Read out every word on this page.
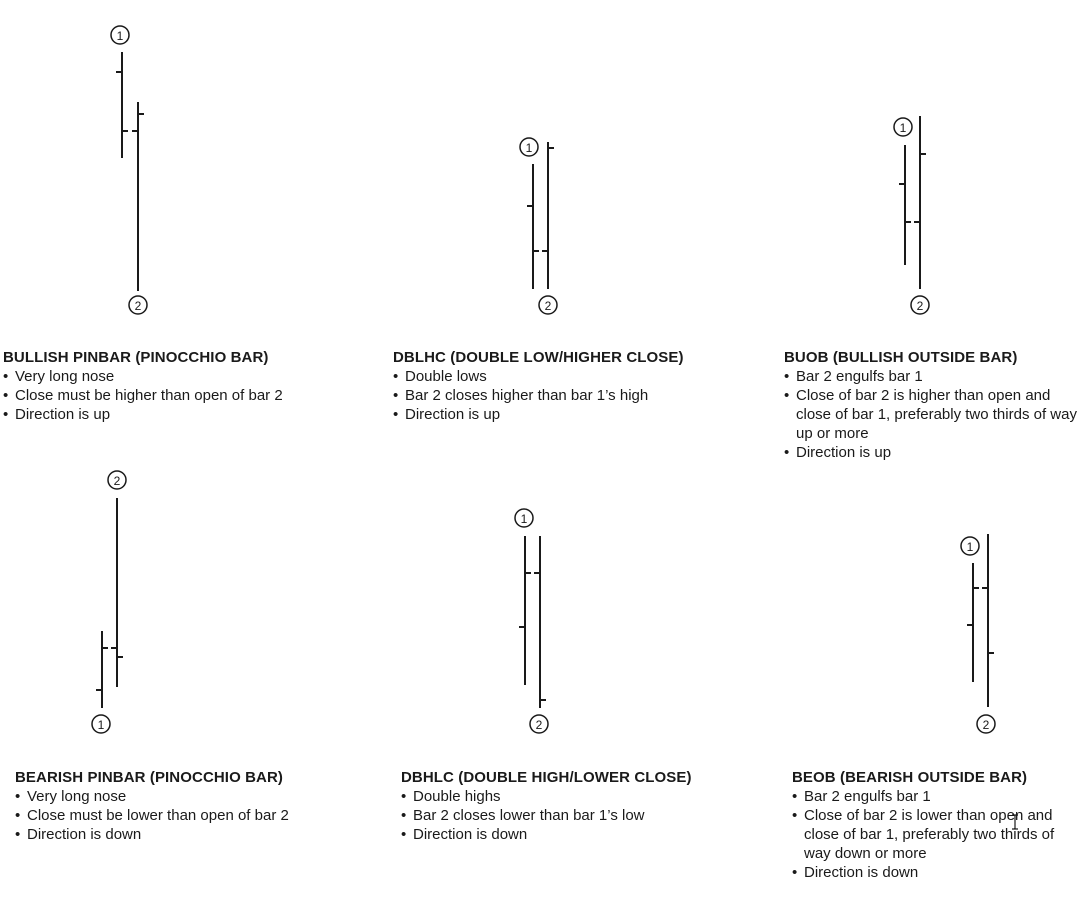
1
2
1
2
1
2
2
1
1
2
1
2
BULLISH PINBAR (PINOCCHIO BAR)
• Very long nose
• Close must be higher than open of bar 2
• Direction is up
DBLHC (DOUBLE LOW/HIGHER CLOSE)
• Double lows
• Bar 2 closes higher than bar 1’s high
• Direction is up
BUOB (BULLISH OUTSIDE BAR)
• Bar 2 engulfs bar 1
• Close of bar 2 is higher than open and close of bar 1, preferably two thirds of way up or more
• Direction is up
BEARISH PINBAR (PINOCCHIO BAR)
• Very long nose
• Close must be lower than open of bar 2
• Direction is down
DBHLC (DOUBLE HIGH/LOWER CLOSE)
• Double highs
• Bar 2 closes lower than bar 1’s low
• Direction is down
BEOB (BEARISH OUTSIDE BAR)
• Bar 2 engulfs bar 1
• Close of bar 2 is lower than open and close of bar 1, preferably two thirds of way down or more
• Direction is down
